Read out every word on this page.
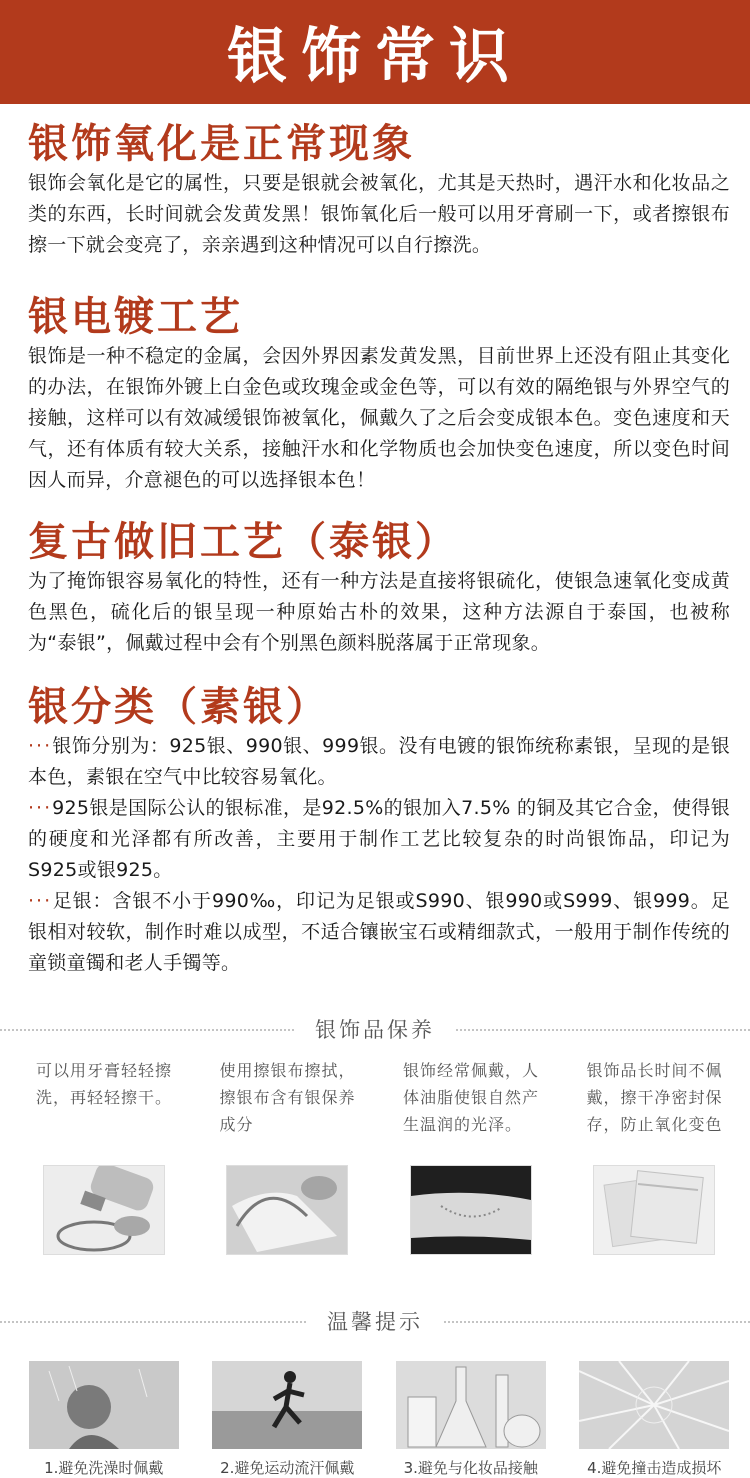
银饰常识
银饰氧化是正常现象

银饰会氧化是它的属性，只要是银就会被氧化，尤其是天热时，遇汗水和化妆品之类的东西，长时间就会发黄发黑！银饰氧化后一般可以用牙膏刷一下，或者擦银布擦一下就会变亮了，亲亲遇到这种情况可以自行擦洗。

银电镀工艺

银饰是一种不稳定的金属，会因外界因素发黄发黑，目前世界上还没有阻止其变化的办法，在银饰外镀上白金色或玫瑰金或金色等，可以有效的隔绝银与外界空气的接触，这样可以有效减缓银饰被氧化，佩戴久了之后会变成银本色。变色速度和天气，还有体质有较大关系，接触汗水和化学物质也会加快变色速度，所以变色时间因人而异，介意褪色的可以选择银本色！

复古做旧工艺（泰银）

为了掩饰银容易氧化的特性，还有一种方法是直接将银硫化，使银急速氧化变成黄色黑色，硫化后的银呈现一种原始古朴的效果，这种方法源自于泰国，也被称为“泰银”，佩戴过程中会有个别黑色颜料脱落属于正常现象。

银分类（素银）

···银饰分别为：925银、990银、999银。没有电镀的银饰统称素银，呈现的是银本色，素银在空气中比较容易氧化。

···925银是国际公认的银标准，是92.5%的银加入7.5% 的铜及其它合金，使得银的硬度和光泽都有所改善，主要用于制作工艺比较复杂的时尚银饰品，印记为S925或银925。

···足银：含银不小于990‰，印记为足银或S990、银990或S999、银999。足银相对较软，制作时难以成型，不适合镶嵌宝石或精细款式，一般用于制作传统的童锁童镯和老人手镯等。

银饰品保养

可以用牙膏轻轻擦洗，再轻轻擦干。

使用擦银布擦拭，擦银布含有银保养成分

银饰经常佩戴，人体油脂使银自然产生温润的光泽。

银饰品长时间不佩戴，擦干净密封保存，防止氧化变色

温馨提示
1.避免洗澡时佩戴	2.避免运动流汗佩戴	3.避免与化妆品接触	4.避免撞击造成损坏
